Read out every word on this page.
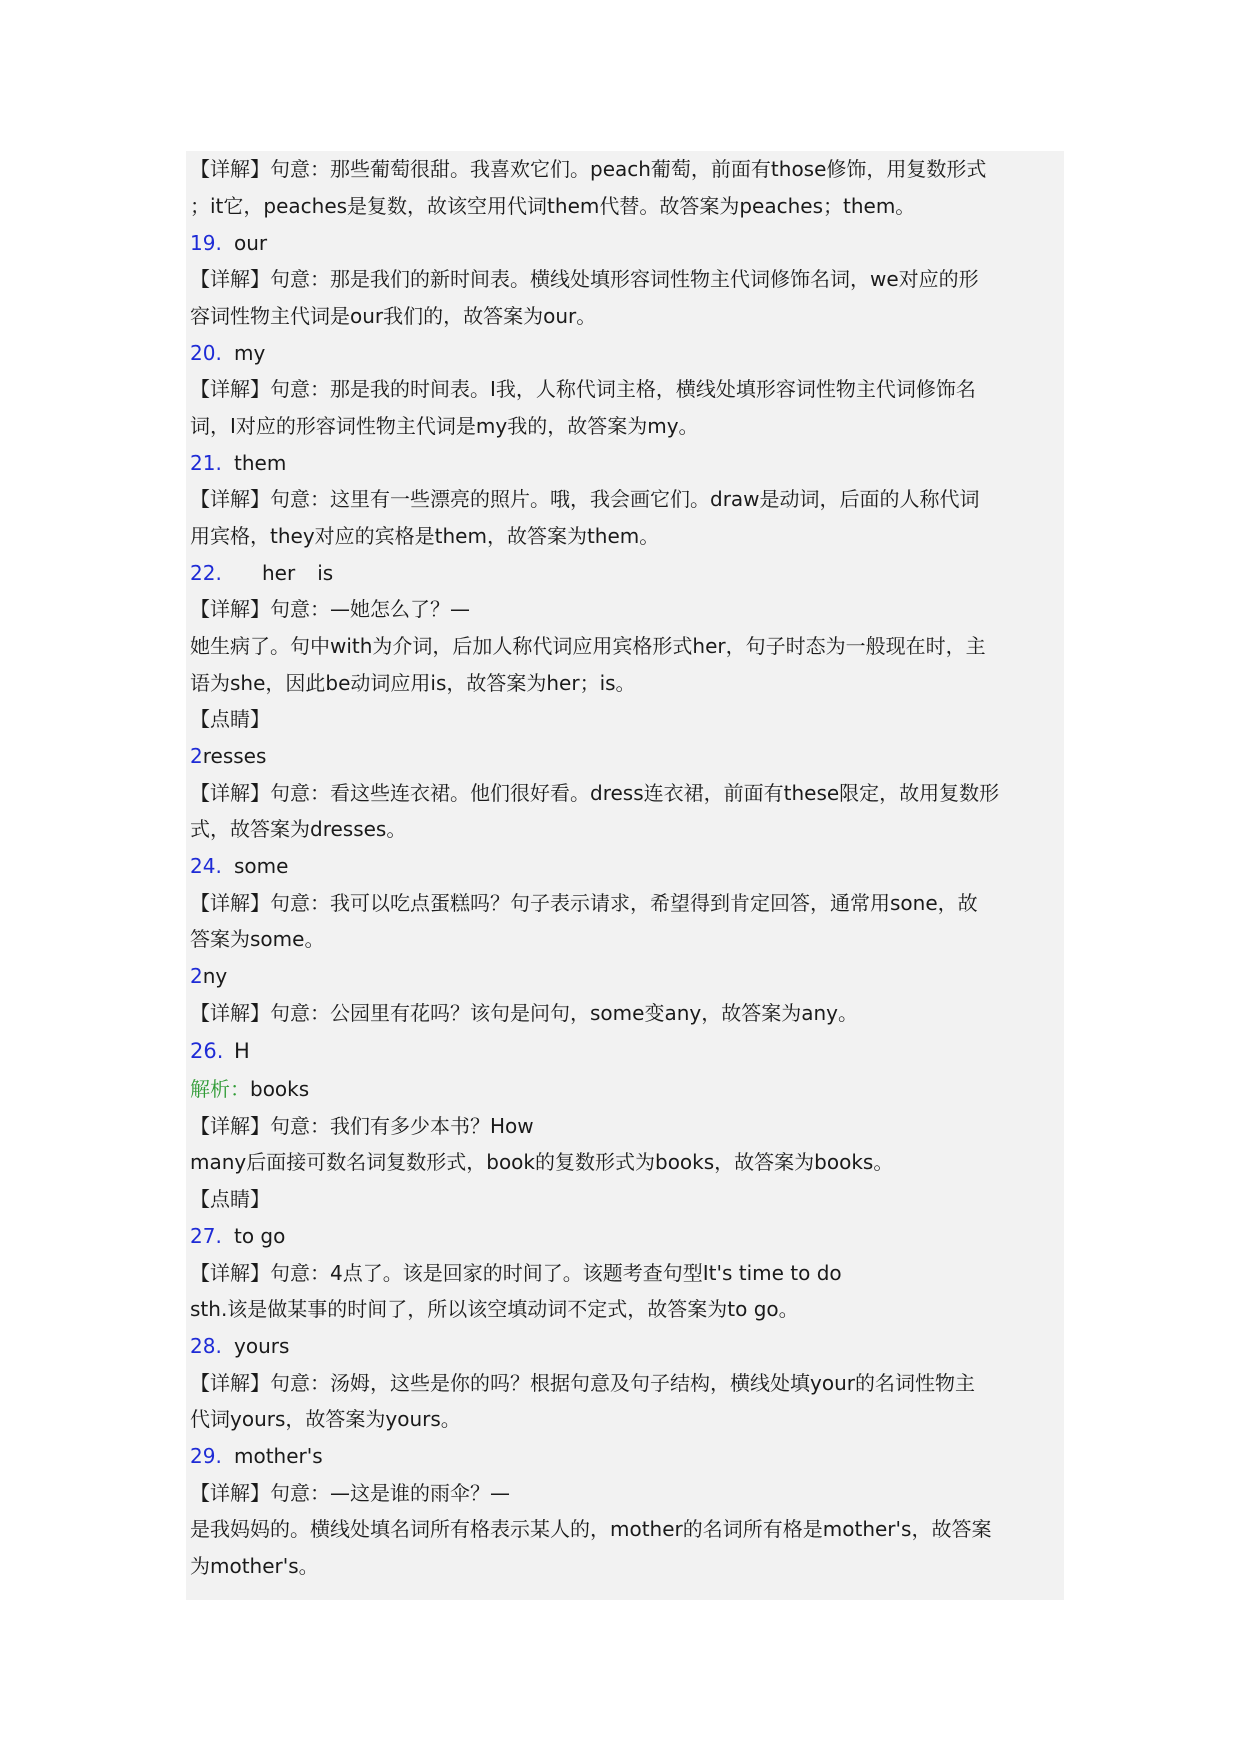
【详解】句意：那些葡萄很甜。我喜欢它们。peach葡萄，前面有those修饰，用复数形式
；it它，peaches是复数，故该空用代词them代替。故答案为peaches；them。
19. our
【详解】句意：那是我们的新时间表。横线处填形容词性物主代词修饰名词，we对应的形
容词性物主代词是our我们的，故答案为our。
20. my
【详解】句意：那是我的时间表。I我，人称代词主格，横线处填形容词性物主代词修饰名
词，I对应的形容词性物主代词是my我的，故答案为my。
21. them
【详解】句意：这里有一些漂亮的照片。哦，我会画它们。draw是动词，后面的人称代词
用宾格，they对应的宾格是them，故答案为them。
22. her is
【详解】句意：—她怎么了？—
她生病了。句中with为介词，后加人称代词应用宾格形式her，句子时态为一般现在时，主
语为she，因此be动词应用is，故答案为her；is。
【点睛】
2resses
【详解】句意：看这些连衣裙。他们很好看。dress连衣裙，前面有these限定，故用复数形
式，故答案为dresses。
24. some
【详解】句意：我可以吃点蛋糕吗？句子表示请求，希望得到肯定回答，通常用sone，故
答案为some。
2ny
【详解】句意：公园里有花吗？该句是问句，some变any，故答案为any。
26. H
解析：books
【详解】句意：我们有多少本书？How
many后面接可数名词复数形式，book的复数形式为books，故答案为books。
【点睛】
27. to go
【详解】句意：4点了。该是回家的时间了。该题考查句型It's time to do
sth.该是做某事的时间了，所以该空填动词不定式，故答案为to go。
28. yours
【详解】句意：汤姆，这些是你的吗？根据句意及句子结构，横线处填your的名词性物主
代词yours，故答案为yours。
29. mother's
【详解】句意：—这是谁的雨伞？—
是我妈妈的。横线处填名词所有格表示某人的，mother的名词所有格是mother's，故答案
为mother's。
